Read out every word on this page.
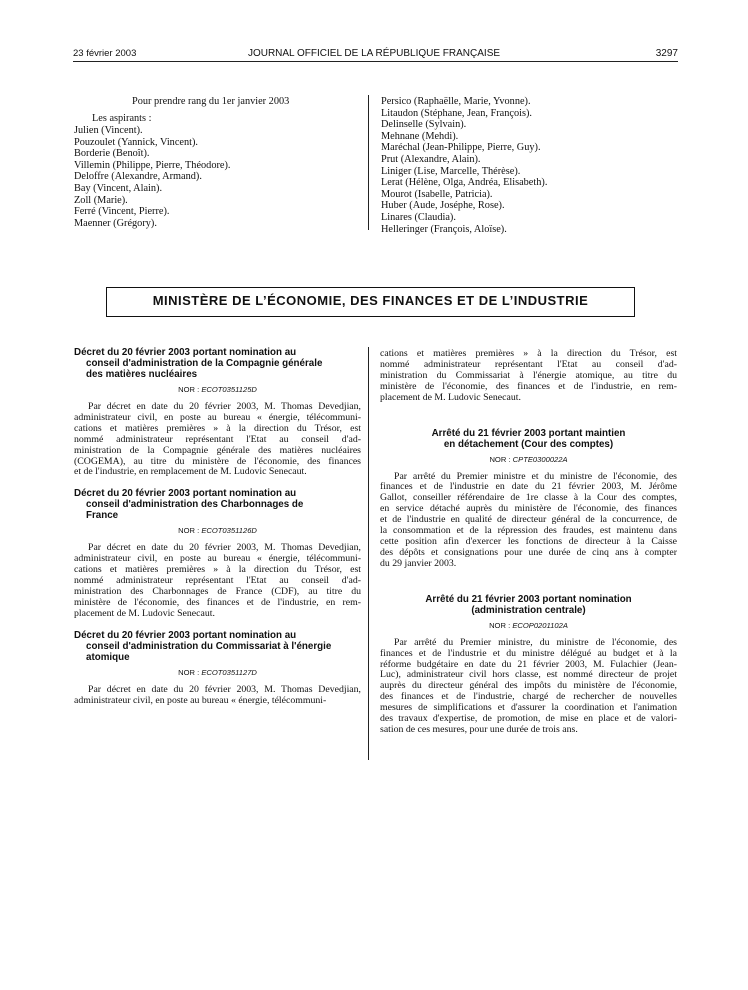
23 février 2003	JOURNAL OFFICIEL DE LA RÉPUBLIQUE FRANÇAISE	3297
Pour prendre rang du 1er janvier 2003
Les aspirants :
Julien (Vincent).
Pouzoulet (Yannick, Vincent).
Borderie (Benoît).
Villemin (Philippe, Pierre, Théodore).
Deloffre (Alexandre, Armand).
Bay (Vincent, Alain).
Zoll (Marie).
Ferré (Vincent, Pierre).
Maenner (Grégory).
Persico (Raphaëlle, Marie, Yvonne).
Litaudon (Stéphane, Jean, François).
Delinselle (Sylvain).
Mehnane (Mehdi).
Maréchal (Jean-Philippe, Pierre, Guy).
Prut (Alexandre, Alain).
Liniger (Lise, Marcelle, Thérèse).
Lerat (Hélène, Olga, Andréa, Elisabeth).
Mourot (Isabelle, Patricia).
Huber (Aude, Joséphe, Rose).
Linares (Claudia).
Helleringer (François, Aloïse).
MINISTÈRE DE L’ÉCONOMIE, DES FINANCES ET DE L’INDUSTRIE
Décret du 20 février 2003 portant nomination au
conseil d'administration de la Compagnie générale
des matières nucléaires
NOR : ECOT0351125D
Par décret en date du 20 février 2003, M. Thomas Devedjian,
administrateur civil, en poste au bureau « énergie, télécommuni-
cations et matières premières » à la direction du Trésor, est
nommé administrateur représentant l'Etat au conseil d'ad-
ministration de la Compagnie générale des matières nucléaires
(COGEMA), au titre du ministère de l'économie, des finances
et de l'industrie, en remplacement de M. Ludovic Senecaut.
Décret du 20 février 2003 portant nomination au
conseil d'administration des Charbonnages de
France
NOR : ECOT0351126D
Par décret en date du 20 février 2003, M. Thomas Devedjian,
administrateur civil, en poste au bureau « énergie, télécommuni-
cations et matières premières » à la direction du Trésor, est
nommé administrateur représentant l'Etat au conseil d'ad-
ministration des Charbonnages de France (CDF), au titre du
ministère de l'économie, des finances et de l'industrie, en rem-
placement de M. Ludovic Senecaut.
Décret du 20 février 2003 portant nomination au
conseil d'administration du Commissariat à l'énergie
atomique
NOR : ECOT0351127D
Par décret en date du 20 février 2003, M. Thomas Devedjian,
administrateur civil, en poste au bureau « énergie, télécommuni-
cations et matières premières » à la direction du Trésor, est
nommé administrateur représentant l'Etat au conseil d'ad-
ministration du Commissariat à l'énergie atomique, au titre du
ministère de l'économie, des finances et de l'industrie, en rem-
placement de M. Ludovic Senecaut.
Arrêté du 21 février 2003 portant maintien
en détachement (Cour des comptes)
NOR : CPTE0300022A
Par arrêté du Premier ministre et du ministre de l'économie, des
finances et de l'industrie en date du 21 février 2003, M. Jérôme
Gallot, conseiller référendaire de 1re classe à la Cour des comptes,
en service détaché auprès du ministère de l'économie, des finances
et de l'industrie en qualité de directeur général de la concurrence, de
la consommation et de la répression des fraudes, est maintenu dans
cette position afin d'exercer les fonctions de directeur à la Caisse
des dépôts et consignations pour une durée de cinq ans à compter
du 29 janvier 2003.
Arrêté du 21 février 2003 portant nomination
(administration centrale)
NOR : ECOP0201102A
Par arrêté du Premier ministre, du ministre de l'économie, des
finances et de l'industrie et du ministre délégué au budget et à la
réforme budgétaire en date du 21 février 2003, M. Fulachier (Jean-
Luc), administrateur civil hors classe, est nommé directeur de projet
auprès du directeur général des impôts du ministère de l'économie,
des finances et de l'industrie, chargé de rechercher de nouvelles
mesures de simplifications et d'assurer la coordination et l'animation
des travaux d'expertise, de promotion, de mise en place et de valori-
sation de ces mesures, pour une durée de trois ans.
